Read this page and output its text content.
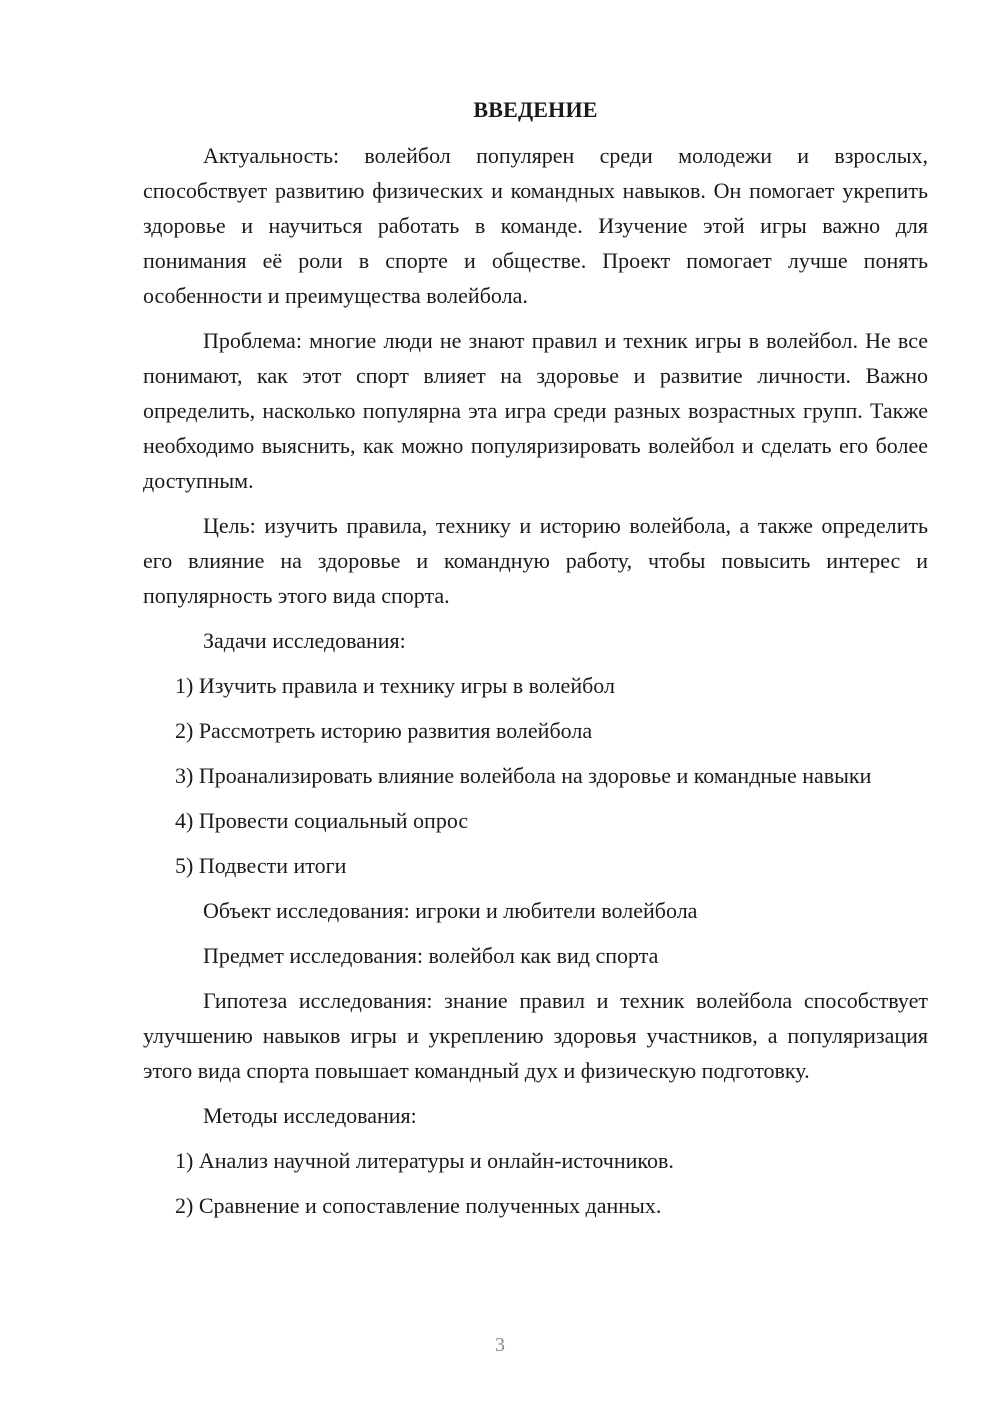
ВВЕДЕНИЕ

Актуальность: волейбол популярен среди молодежи и взрослых, способствует развитию физических и командных навыков. Он помогает укрепить здоровье и научиться работать в команде. Изучение этой игры важно для понимания её роли в спорте и обществе. Проект помогает лучше понять особенности и преимущества волейбола.

Проблема: многие люди не знают правил и техник игры в волейбол. Не все понимают, как этот спорт влияет на здоровье и развитие личности. Важно определить, насколько популярна эта игра среди разных возрастных групп. Также необходимо выяснить, как можно популяризировать волейбол и сделать его более доступным.

Цель: изучить правила, технику и историю волейбола, а также определить его влияние на здоровье и командную работу, чтобы повысить интерес и популярность этого вида спорта.

Задачи исследования:

1) Изучить правила и технику игры в волейбол

2) Рассмотреть историю развития волейбола

3) Проанализировать влияние волейбола на здоровье и командные навыки

4) Провести социальный опрос

5) Подвести итоги

Объект исследования: игроки и любители волейбола

Предмет исследования: волейбол как вид спорта

Гипотеза исследования: знание правил и техник волейбола способствует улучшению навыков игры и укреплению здоровья участников, а популяризация этого вида спорта повышает командный дух и физическую подготовку.

Методы исследования:

1) Анализ научной литературы и онлайн-источников.

2) Сравнение и сопоставление полученных данных.

3
